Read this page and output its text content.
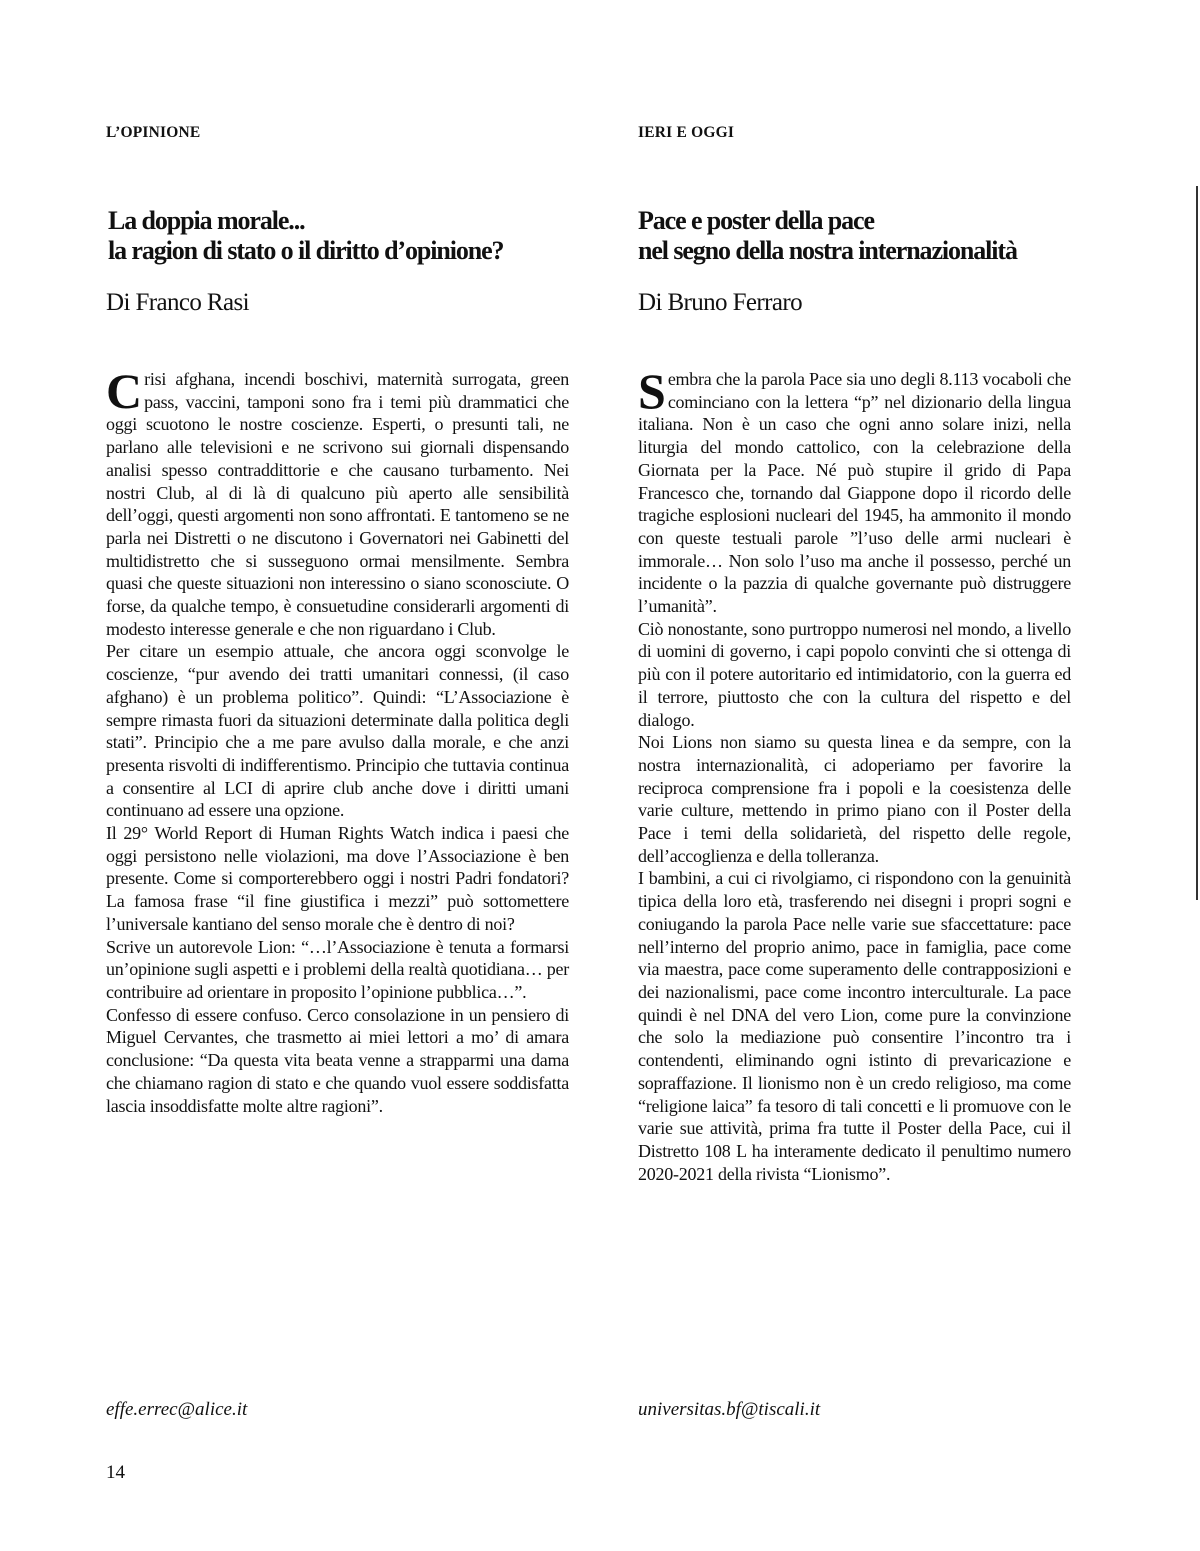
L’OPINIONE
La doppia morale...
la ragion di stato o il diritto d’opinione?
Di Franco Rasi

Crisi afghana, incendi boschivi, maternità surrogata, green pass, vaccini, tamponi sono fra i temi più drammatici che oggi scuotono le nostre coscienze. Esperti, o presunti tali, ne parlano alle televisioni e ne scrivono sui giornali dispensando analisi spesso contraddittorie e che causano turbamento. Nei nostri Club, al di là di qualcuno più aperto alle sensibilità dell’oggi, questi argomenti non sono affrontati. E tantomeno se ne parla nei Distretti o ne discutono i Governatori nei Gabinetti del multidistretto che si susseguono ormai mensilmente. Sembra quasi che queste situazioni non interessino o siano sconosciute. O forse, da qualche tempo, è consuetudine considerarli argomenti di modesto interesse generale e che non riguardano i Club.

Per citare un esempio attuale, che ancora oggi sconvolge le coscienze, “pur avendo dei tratti umanitari connessi, (il caso afghano) è un problema politico”. Quindi: “L’Associazione è sempre rimasta fuori da situazioni determinate dalla politica degli stati”. Principio che a me pare avulso dalla morale, e che anzi presenta risvolti di indifferentismo. Principio che tuttavia continua a consentire al LCI di aprire club anche dove i diritti umani continuano ad essere una opzione.

Il 29° World Report di Human Rights Watch indica i paesi che oggi persistono nelle violazioni, ma dove l’Associazione è ben presente. Come si comporterebbero oggi i nostri Padri fondatori? La famosa frase “il fine giustifica i mezzi” può sottomettere l’universale kantiano del senso morale che è dentro di noi?

Scrive un autorevole Lion: “…l’Associazione è tenuta a formarsi un’opinione sugli aspetti e i problemi della realtà quotidiana… per contribuire ad orientare in proposito l’opinione pubblica…”.

Confesso di essere confuso. Cerco consolazione in un pensiero di Miguel Cervantes, che trasmetto ai miei lettori a mo’ di amara conclusione: “Da questa vita beata venne a strapparmi una dama che chiamano ragion di stato e che quando vuol essere soddisfatta lascia insoddisfatte molte altre ragioni”.

effe.errec@alice.it
IERI E OGGI
Pace e poster della pace
nel segno della nostra internazionalità
Di Bruno Ferraro

Sembra che la parola Pace sia uno degli 8.113 vocaboli che cominciano con la lettera “p” nel dizionario della lingua italiana. Non è un caso che ogni anno solare inizi, nella liturgia del mondo cattolico, con la celebrazione della Giornata per la Pace. Né può stupire il grido di Papa Francesco che, tornando dal Giappone dopo il ricordo delle tragiche esplosioni nucleari del 1945, ha ammonito il mondo con queste testuali parole ”l’uso delle armi nucleari è immorale… Non solo l’uso ma anche il possesso, perché un incidente o la pazzia di qualche governante può distruggere l’umanità”.

Ciò nonostante, sono purtroppo numerosi nel mondo, a livello di uomini di governo, i capi popolo convinti che si ottenga di più con il potere autoritario ed intimidatorio, con la guerra ed il terrore, piuttosto che con la cultura del rispetto e del dialogo.

Noi Lions non siamo su questa linea e da sempre, con la nostra internazionalità, ci adoperiamo per favorire la reciproca comprensione fra i popoli e la coesistenza delle varie culture, mettendo in primo piano con il Poster della Pace i temi della solidarietà, del rispetto delle regole, dell’accoglienza e della tolleranza.

I bambini, a cui ci rivolgiamo, ci rispondono con la genuinità tipica della loro età, trasferendo nei disegni i propri sogni e coniugando la parola Pace nelle varie sue sfaccettature: pace nell’interno del proprio animo, pace in famiglia, pace come via maestra, pace come superamento delle contrapposizioni e dei nazionalismi, pace come incontro interculturale. La pace quindi è nel DNA del vero Lion, come pure la convinzione che solo la mediazione può consentire l’incontro tra i contendenti, eliminando ogni istinto di prevaricazione e sopraffazione. Il lionismo non è un credo religioso, ma come “religione laica” fa tesoro di tali concetti e li promuove con le varie sue attività, prima fra tutte il Poster della Pace, cui il Distretto 108 L ha interamente dedicato il penultimo numero 2020-2021 della rivista “Lionismo”.

universitas.bf@tiscali.it
14
